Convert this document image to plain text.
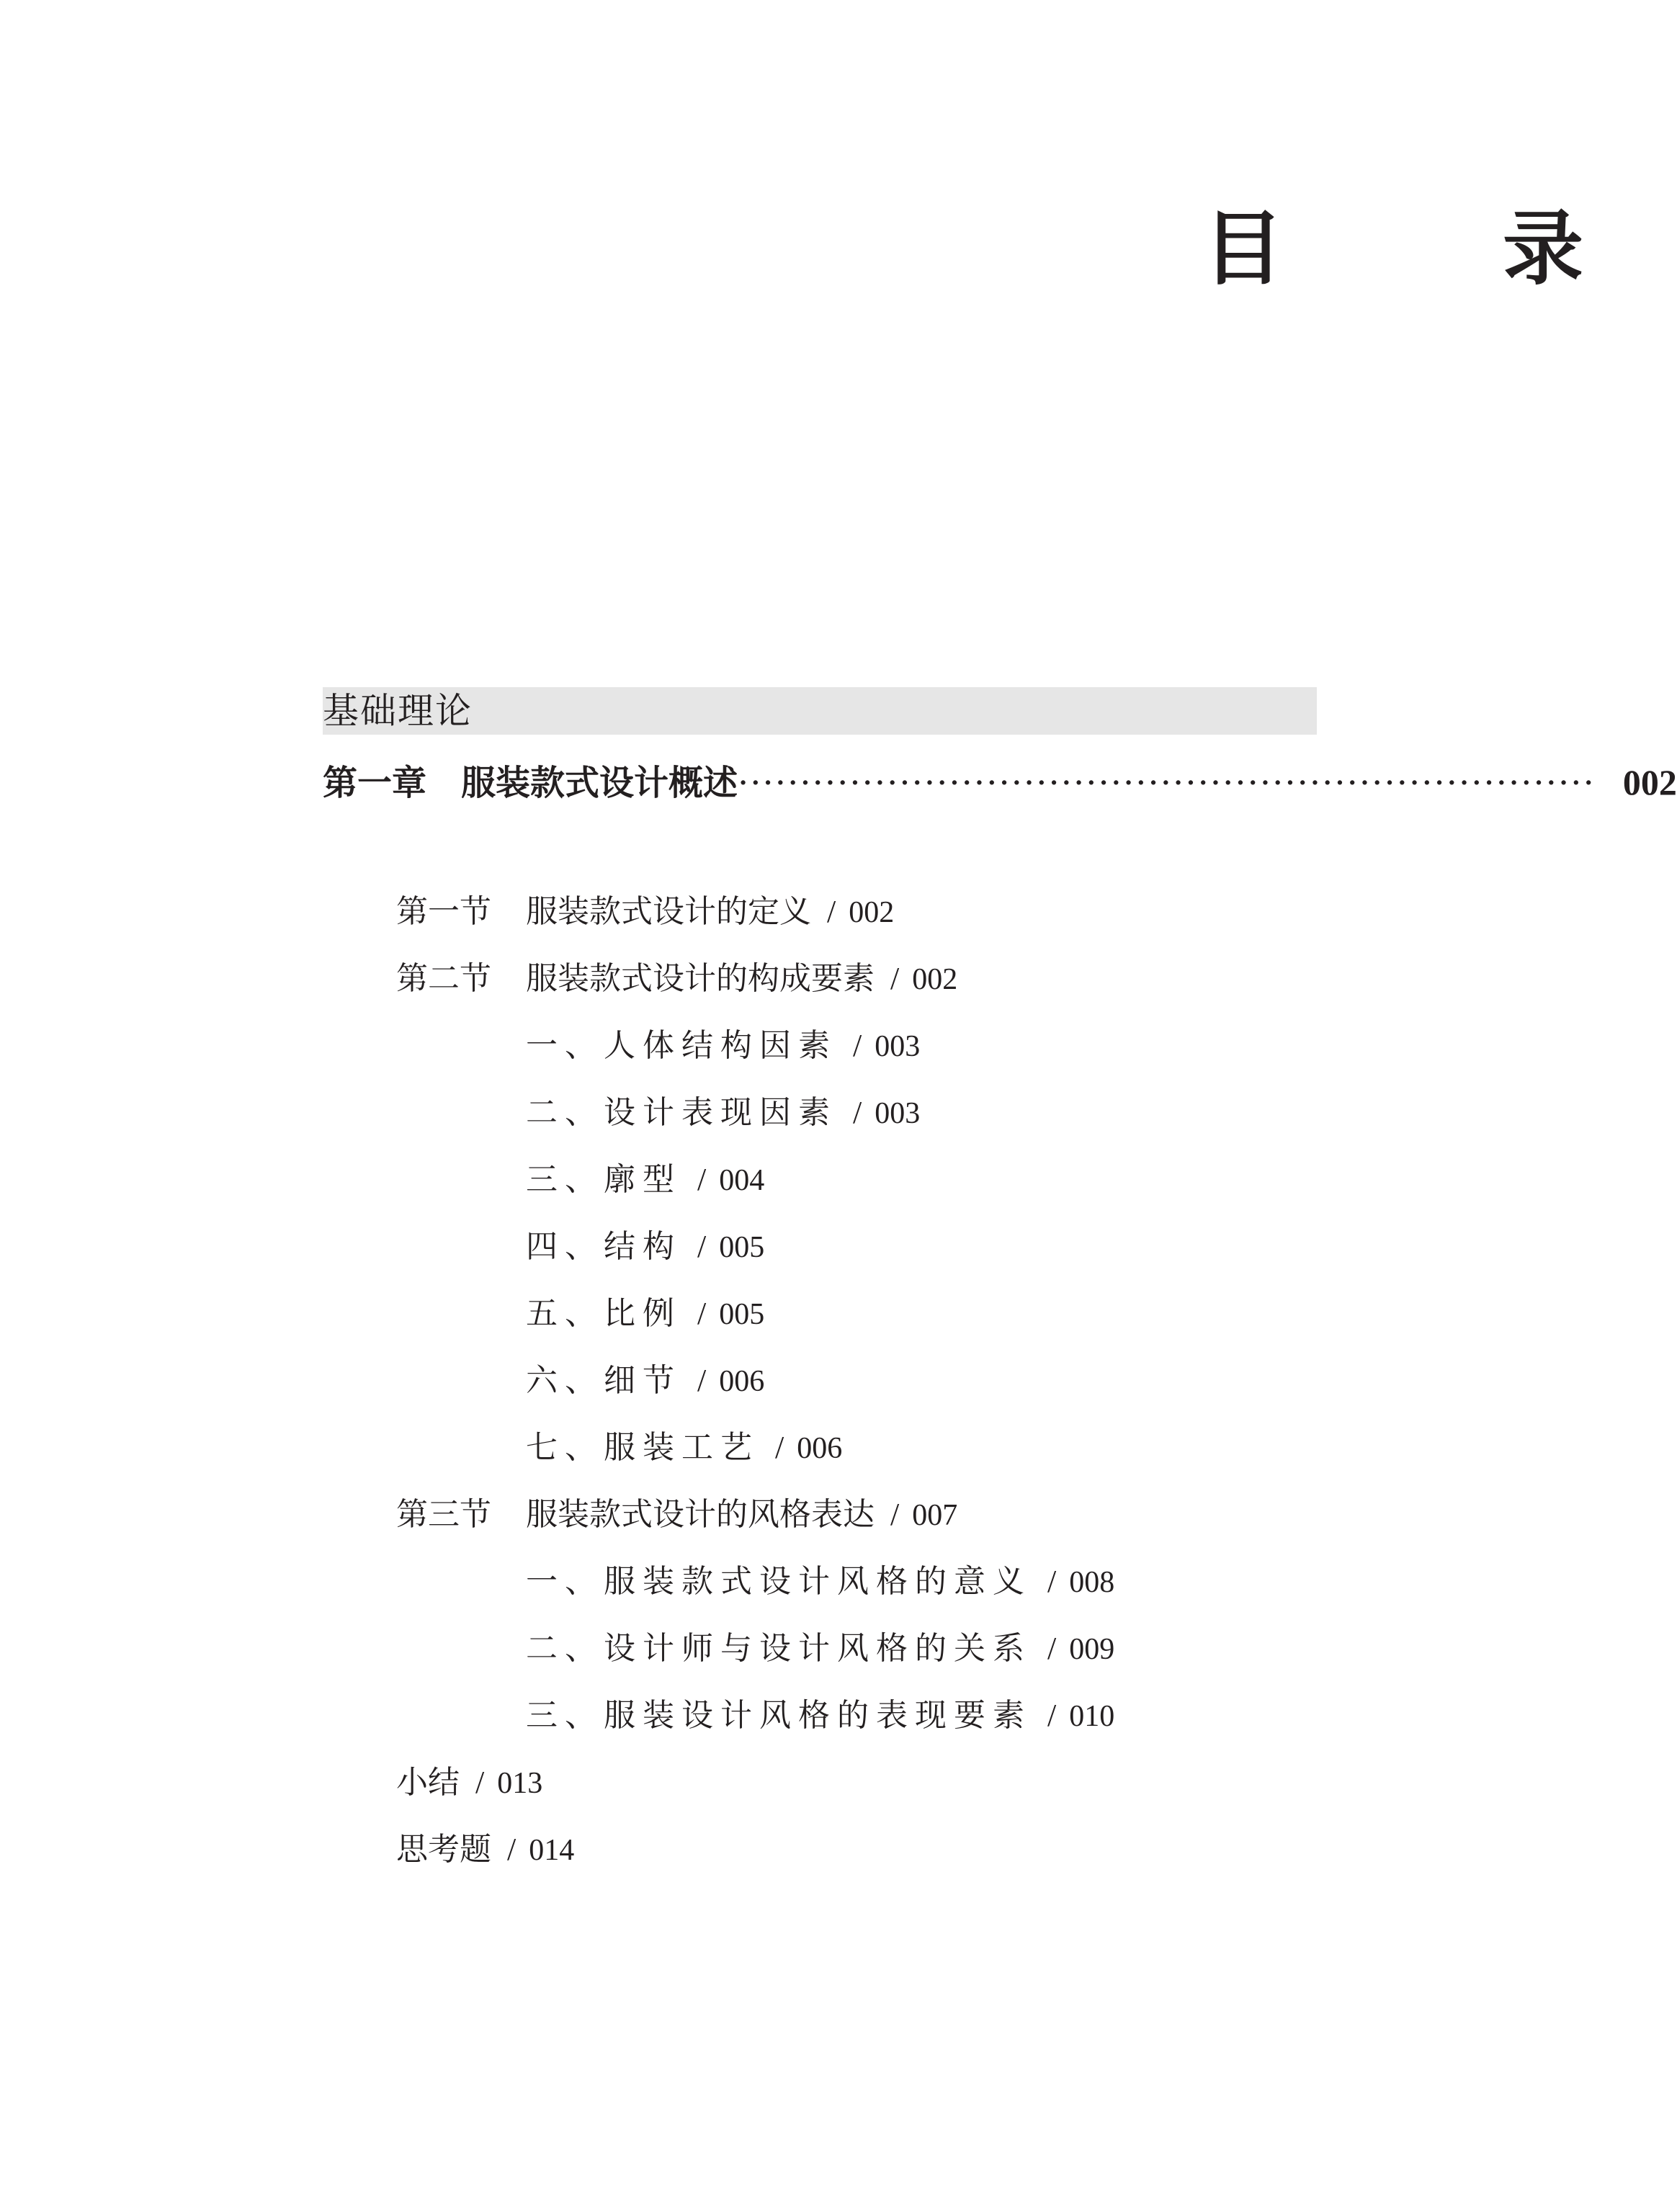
目　录
基础理论
第一章 服装款式设计概述 ····································································· 002
第一节	服装款式设计的定义 / 002
第二节	服装款式设计的构成要素 / 002
一、人体结构因素 / 003
二、设计表现因素 / 003
三、廓型 / 004
四、结构 / 005
五、比例 / 005
六、细节 / 006
七、服装工艺 / 006
第三节	服装款式设计的风格表达 / 007
一、服装款式设计风格的意义 / 008
二、设计师与设计风格的关系 / 009
三、服装设计风格的表现要素 / 010
小结 / 013
思考题 / 014
